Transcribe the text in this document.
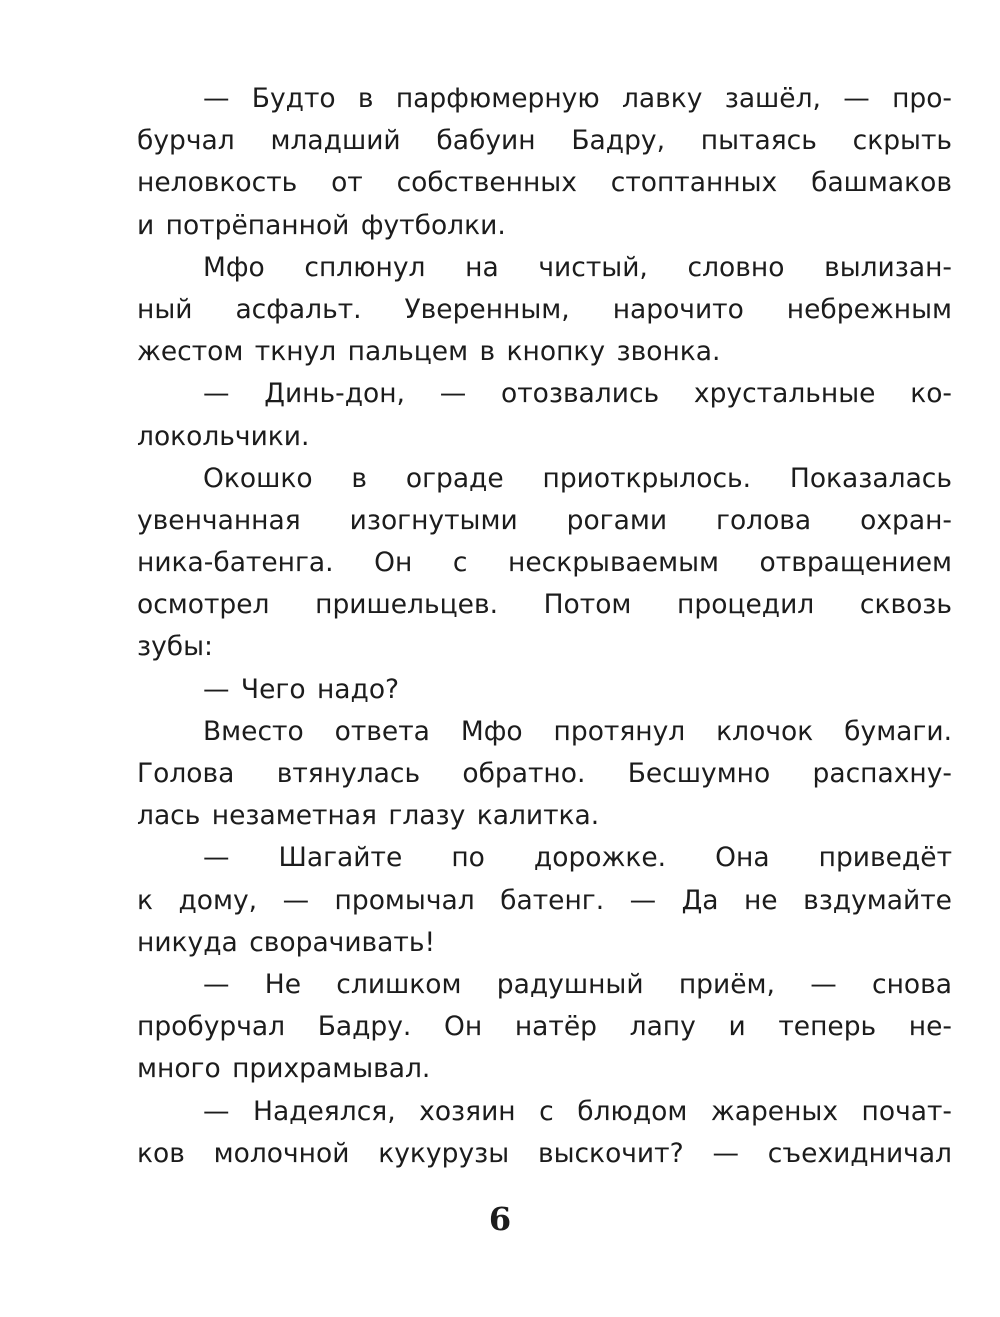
— Будто в парфюмерную лавку зашёл, — про-
бурчал младший бабуин Бадру, пытаясь скрыть
неловкость от собственных стоптанных башмаков
и потрёпанной футболки.
Мфо сплюнул на чистый, словно вылизан-
ный асфальт. Уверенным, нарочито небрежным
жестом ткнул пальцем в кнопку звонка.
— Динь-дон, — отозвались хрустальные ко-
локольчики.
Окошко в ограде приоткрылось. Показалась
увенчанная изогнутыми рогами голова охран-
ника-батенга. Он с нескрываемым отвращением
осмотрел пришельцев. Потом процедил сквозь
зубы:
— Чего надо?
Вместо ответа Мфо протянул клочок бумаги.
Голова втянулась обратно. Бесшумно распахну-
лась незаметная глазу калитка.
— Шагайте по дорожке. Она приведёт
к дому, — промычал батенг. — Да не вздумайте
никуда сворачивать!
— Не слишком радушный приём, — снова
пробурчал Бадру. Он натёр лапу и теперь не-
много прихрамывал.
— Надеялся, хозяин с блюдом жареных почат-
ков молочной кукурузы выскочит? — съехидничал
6
